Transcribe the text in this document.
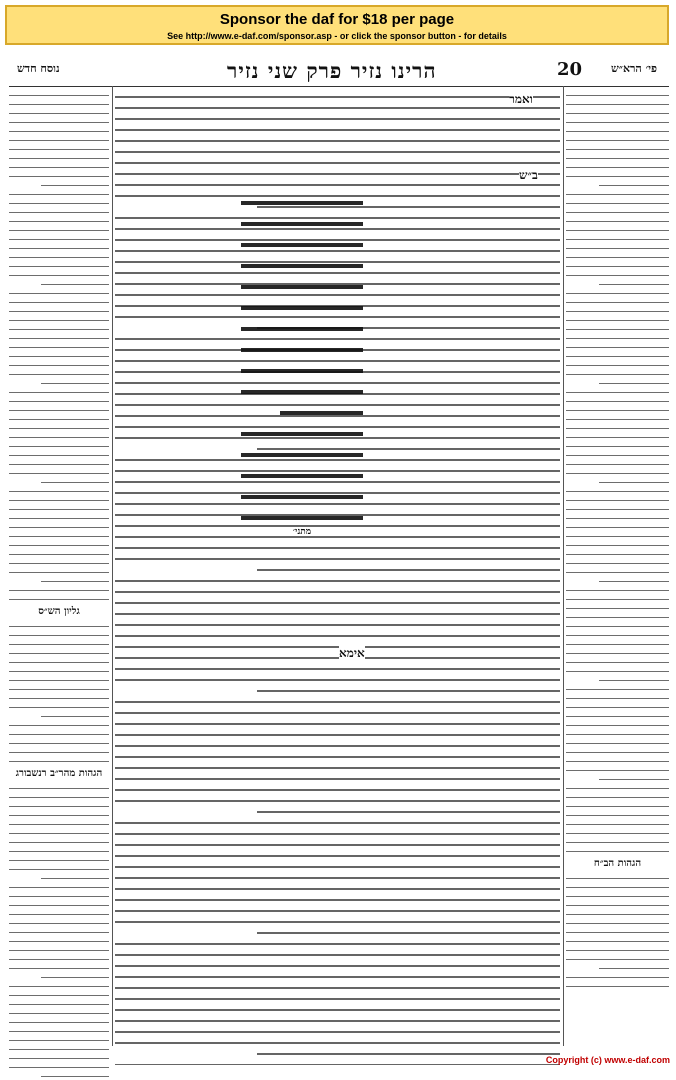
Sponsor the daf for $18 per page
See http://www.e-daf.com/sponsor.asp - or click the sponsor button - for details
נוסח חדש	הרינו נזיר פרק שני נזיר	20	פי׳ הרא״ש
גליון הש״ס
הגהות מהר״ב רנשבורג
מתני׳
ואמר
ב״ש
אימא
הגהות הב״ח
Copyright (c) www.e-daf.com
